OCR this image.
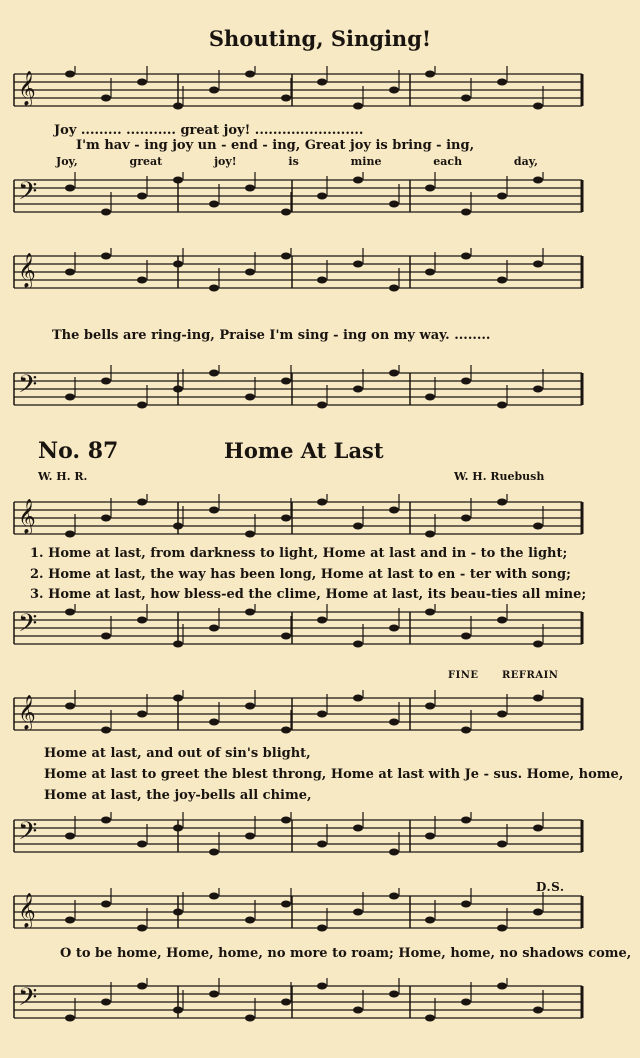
Shouting, Singing!
𝄞
𝄢
𝄞
𝄢
𝄞
𝄢
𝄞
𝄢
𝄞
𝄢
Joy ......... ........... great joy! ........................
I'm hav - ing joy un - end - ing, Great joy is bring - ing,
Joy, great joy! is mine each day,
The bells are ring-ing, Praise I'm sing - ing on my way. ........
No. 87	Home At Last
W. H. R.	W. H. Ruebush
1. Home at last, from darkness to light, Home at last and in - to the light;
2. Home at last, the way has been long, Home at last to en - ter with song;
3. Home at last, how bless-ed the clime, Home at last, its beau-ties all mine;
FINE REFRAIN
Home at last, and out of sin's blight,
Home at last to greet the blest throng, Home at last with Je - sus. Home, home,
Home at last, the joy-bells all chime,
D.S.
O to be home, Home, home, no more to roam; Home, home, no shadows come,
